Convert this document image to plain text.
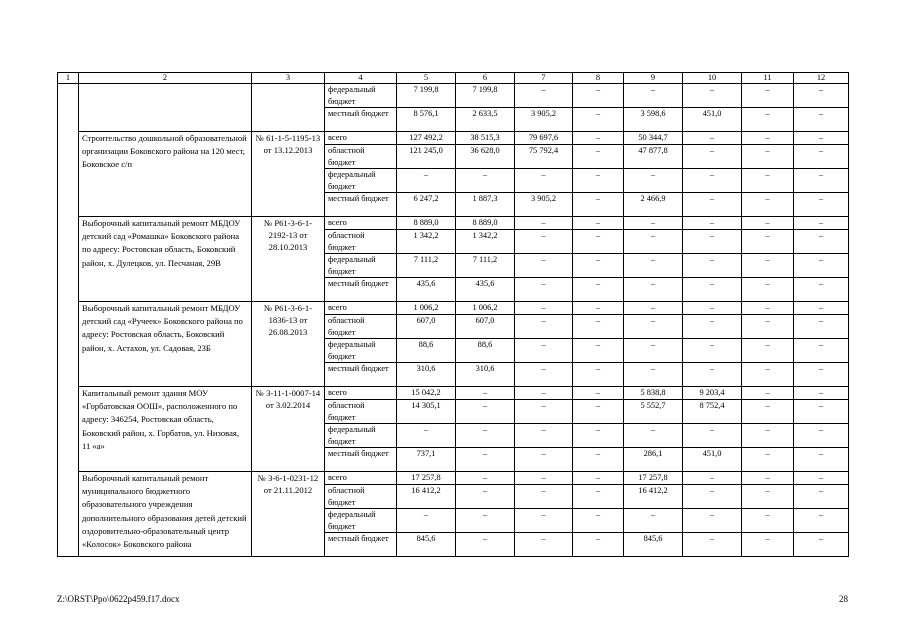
1	2	3	4	5	6	7	8	9	10	11	12
			федеральный бюджет	7 199,8	7 199,8	–	–	–	–	–	–
			местный бюджет	8 576,1	2 633,5	3 905,2	–	3 598,6	451,0	–	–
	Строительство дошкольной образовательной организации Боковского района на 120 мест, Боковское с/п	№ 61-1-5-1195-13 от 13.12.2013	всего	127 492,2	38 515,3	79 697,6	–	50 344,7	–	–	–
			областной бюджет	121 245,0	36 628,0	75 792,4	–	47 877,8	–	–	–
			федеральный бюджет	–	–	–	–	–	–	–	–
			местный бюджет	6 247,2	1 887,3	3 905,2	–	2 466,9	–	–	–
	Выборочный капитальный ремонт МБДОУ детский сад «Ромашка» Боковского района по адресу: Ростовская область, Боковский район, х. Дулецков, ул. Песчаная, 29В	№ Р61-3-6-1-2192-13 от 28.10.2013	всего	8 889,0	8 889,0	–	–	–	–	–	–
			областной бюджет	1 342,2	1 342,2	–	–	–	–	–	–
			федеральный бюджет	7 111,2	7 111,2	–	–	–	–	–	–
			местный бюджет	435,6	435,6	–	–	–	–	–	–
	Выборочный капитальный ремонт МБДОУ детский сад «Ручеек» Боковского района по адресу: Ростовская область, Боковский район, х. Астахов, ул. Садовая, 23Б	№ Р61-3-6-1-1836-13 от 26.08.2013	всего	1 006,2	1 006,2	–	–	–	–	–	–
			областной бюджет	607,0	607,0	–	–	–	–	–	–
			федеральный бюджет	88,6	88,6	–	–	–	–	–	–
			местный бюджет	310,6	310,6	–	–	–	–	–	–
	Капитальный ремонт здания МОУ «Горбатовская ООШ», расположенного по адресу: 346254, Ростовская область, Боковский район, х. Горбатов, ул. Низовая, 11 «а»	№ 3-11-1-0007-14 от 3.02.2014	всего	15 042,2	–	–	–	5 838,8	9 203,4	–	–
			областной бюджет	14 305,1	–	–	–	5 552,7	8 752,4	–	–
			федеральный бюджет	–	–	–	–	–	–	–	–
			местный бюджет	737,1	–	–	–	286,1	451,0	–	–
	Выборочный капитальный ремонт муниципального бюджетного образовательного учреждения дополнительного образования детей детский оздоровительно-образовательный центр «Колосок» Боковского района	№ 3-6-1-0231-12 от 21.11.2012	всего	17 257,8	–	–	–	17 257,8	–	–	–
			областной бюджет	16 412,2	–	–	–	16 412,2	–	–	–
			федеральный бюджет	–	–	–	–	–	–	–	–
			местный бюджет	845,6	–	–	–	845,6	–	–	–
Z:\ORST\Ppo\0622p459.f17.docx	28
